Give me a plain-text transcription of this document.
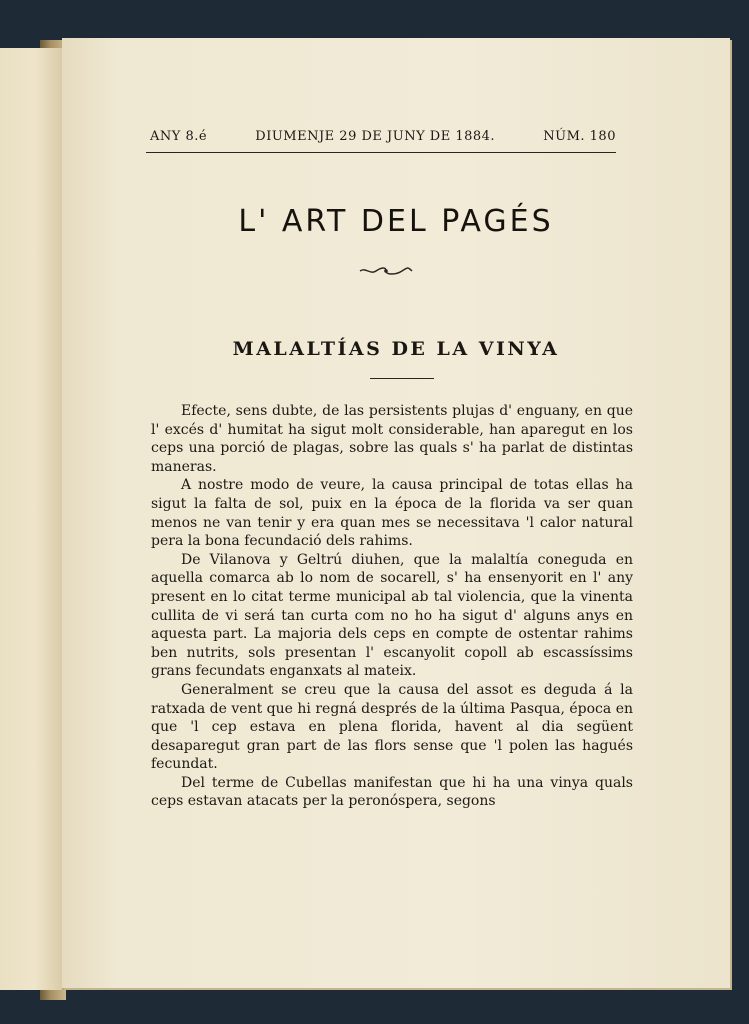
ANY 8.é	DIUMENJE 29 DE JUNY DE 1884.	NÚM. 180
L' ART DEL PAGÉS
MALALTÍAS DE LA VINYA

Efecte, sens dubte, de las persistents plujas d' enguany, en que l' excés d' humitat ha sigut molt considerable, han aparegut en los ceps una porció de plagas, sobre las quals s' ha parlat de distintas maneras.

A nostre modo de veure, la causa principal de totas ellas ha sigut la falta de sol, puix en la época de la florida va ser quan menos ne van tenir y era quan mes se necessitava 'l calor natural pera la bona fecundació dels rahims.

De Vilanova y Geltrú diuhen, que la malaltía coneguda en aquella comarca ab lo nom de socarell, s' ha ensenyorit en l' any present en lo citat terme municipal ab tal violencia, que la vinenta cullita de vi será tan curta com no ho ha sigut d' alguns anys en aquesta part. La majoria dels ceps en compte de ostentar rahims ben nutrits, sols presentan l' escanyolit copoll ab escassíssims grans fecundats enganxats al mateix.

Generalment se creu que la causa del assot es deguda á la ratxada de vent que hi regná després de la última Pasqua, época en que 'l cep estava en plena florida, havent al dia següent desaparegut gran part de las flors sense que 'l polen las hagués fecundat.

Del terme de Cubellas manifestan que hi ha una vinya quals ceps estavan atacats per la peronóspera, segons
